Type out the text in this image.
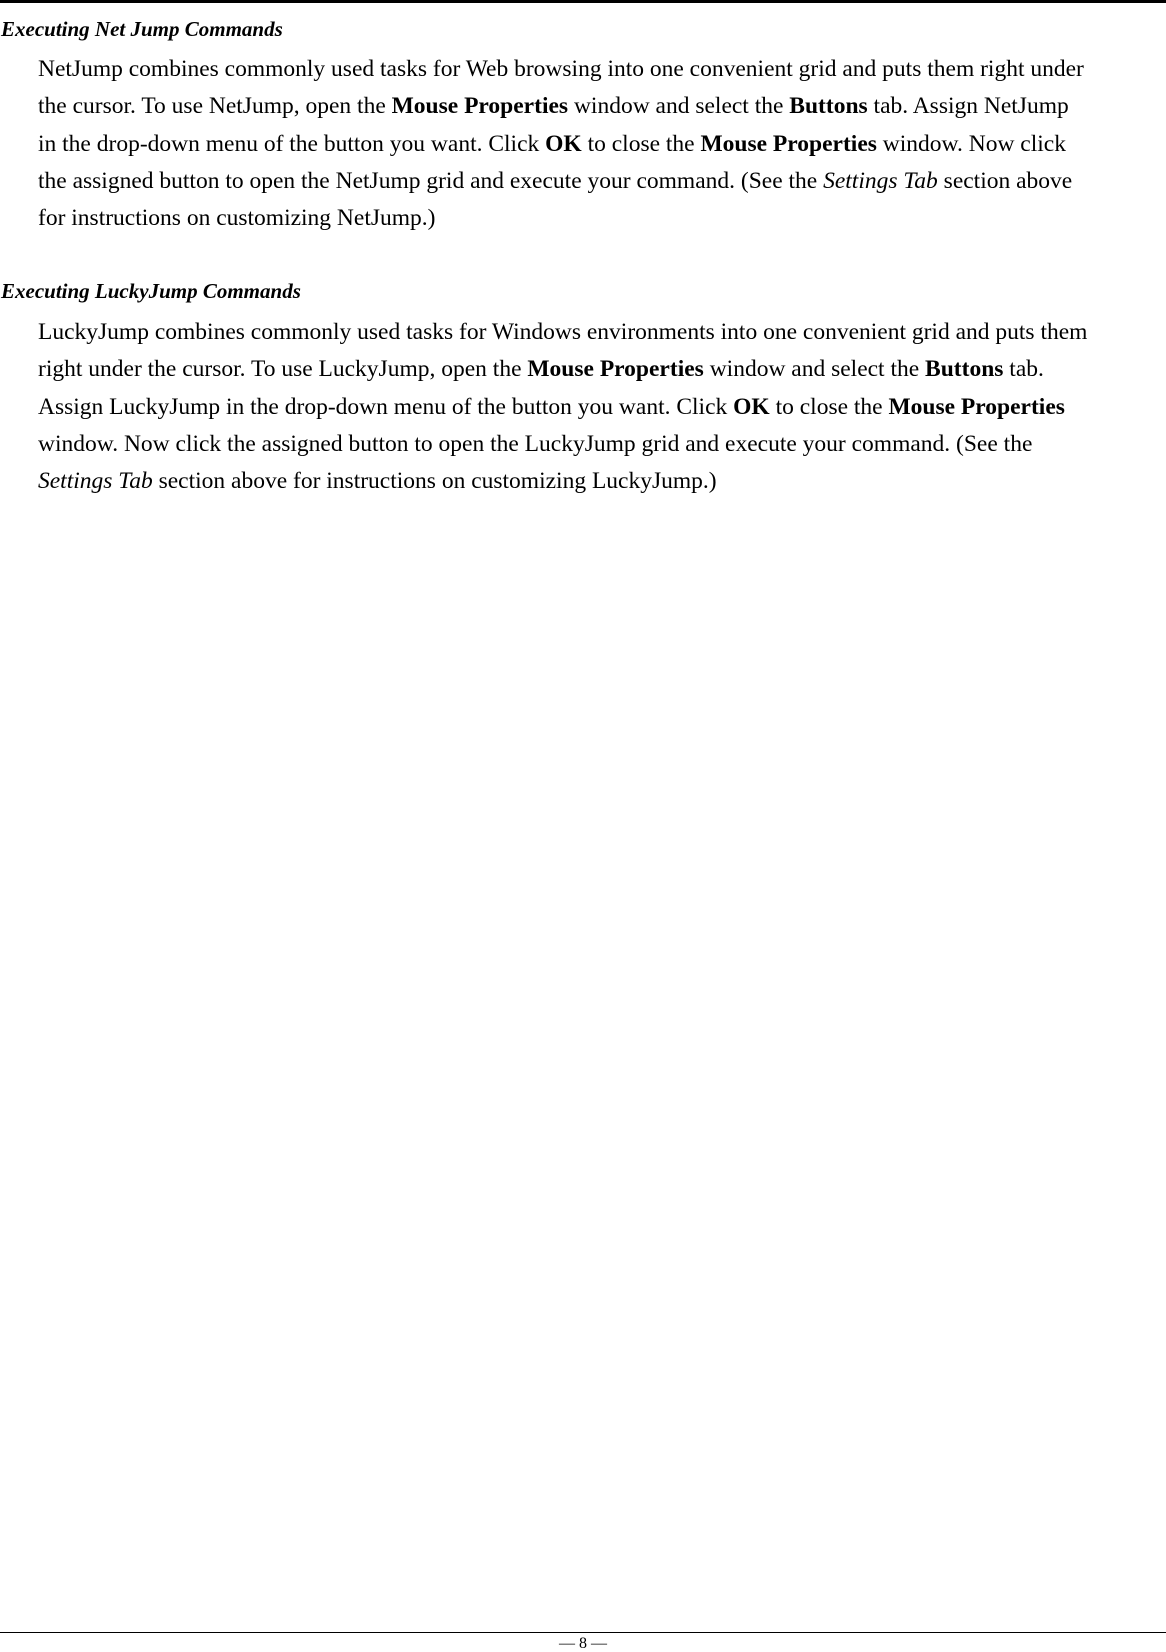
Executing Net Jump Commands
NetJump combines commonly used tasks for Web browsing into one convenient grid and puts them right under
the cursor. To use NetJump, open the Mouse Properties window and select the Buttons tab. Assign NetJump
in the drop-down menu of the button you want. Click OK to close the Mouse Properties window. Now click
the assigned button to open the NetJump grid and execute your command. (See the Settings Tab section above
for instructions on customizing NetJump.)
Executing LuckyJump Commands
LuckyJump combines commonly used tasks for Windows environments into one convenient grid and puts them
right under the cursor. To use LuckyJump, open the Mouse Properties window and select the Buttons tab.
Assign LuckyJump in the drop-down menu of the button you want. Click OK to close the Mouse Properties
window. Now click the assigned button to open the LuckyJump grid and execute your command. (See the
Settings Tab section above for instructions on customizing LuckyJump.)
— 8 —
